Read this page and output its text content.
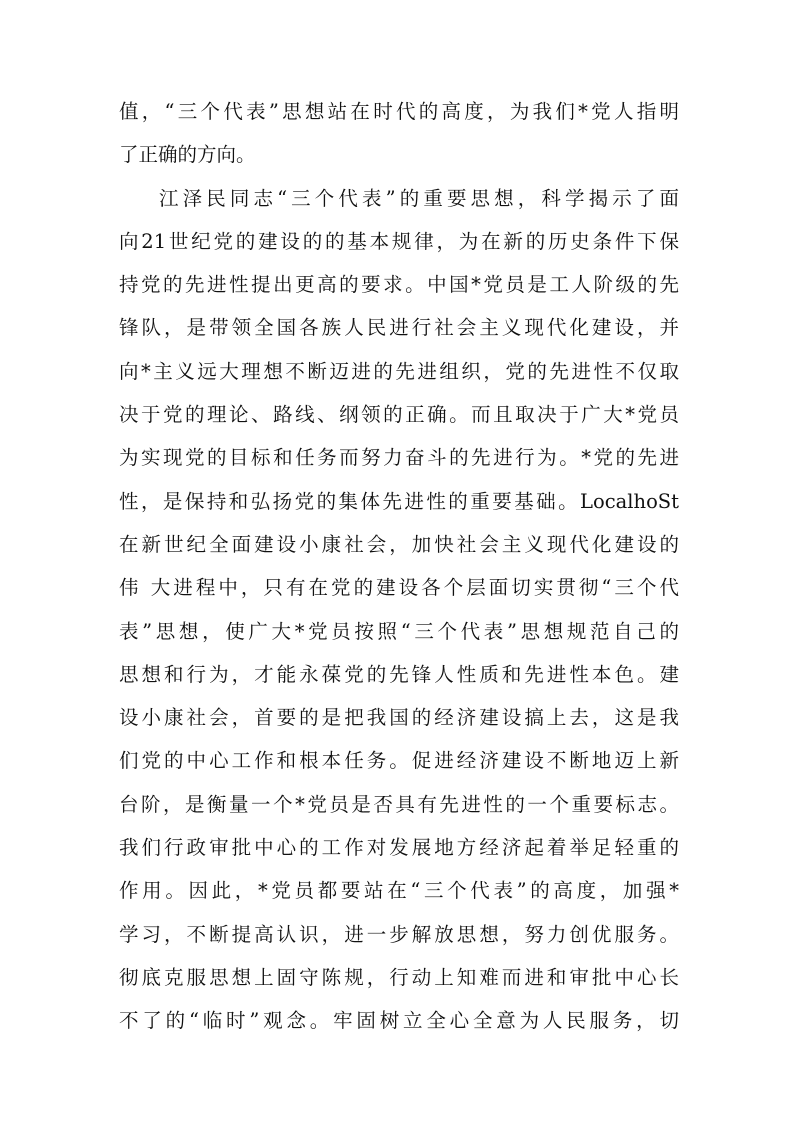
值，“三个代表”思想站在时代的高度，为我们*党人指明
了正确的方向。
江泽民同志“三个代表”的重要思想，科学揭示了面
向21世纪党的建设的的基本规律，为在新的历史条件下保
持党的先进性提出更高的要求。中国*党员是工人阶级的先
锋队，是带领全国各族人民进行社会主义现代化建设，并
向*主义远大理想不断迈进的先进组织，党的先进性不仅取
决于党的理论、路线、纲领的正确。而且取决于广大*党员
为实现党的目标和任务而努力奋斗的先进行为。*党的先进
性，是保持和弘扬党的集体先进性的重要基础。LocalhoSt
在新世纪全面建设小康社会，加快社会主义现代化建设的
伟 大进程中，只有在党的建设各个层面切实贯彻“三个代
表”思想，使广大*党员按照“三个代表”思想规范自己的
思想和行为，才能永葆党的先锋人性质和先进性本色。建
设小康社会，首要的是把我国的经济建设搞上去，这是我
们党的中心工作和根本任务。促进经济建设不断地迈上新
台阶，是衡量一个*党员是否具有先进性的一个重要标志。
我们行政审批中心的工作对发展地方经济起着举足轻重的
作用。因此，*党员都要站在“三个代表”的高度，加强*
学习，不断提高认识，进一步解放思想，努力创优服务。
彻底克服思想上固守陈规，行动上知难而进和审批中心长
不了的“临时”观念。牢固树立全心全意为人民服务，切
